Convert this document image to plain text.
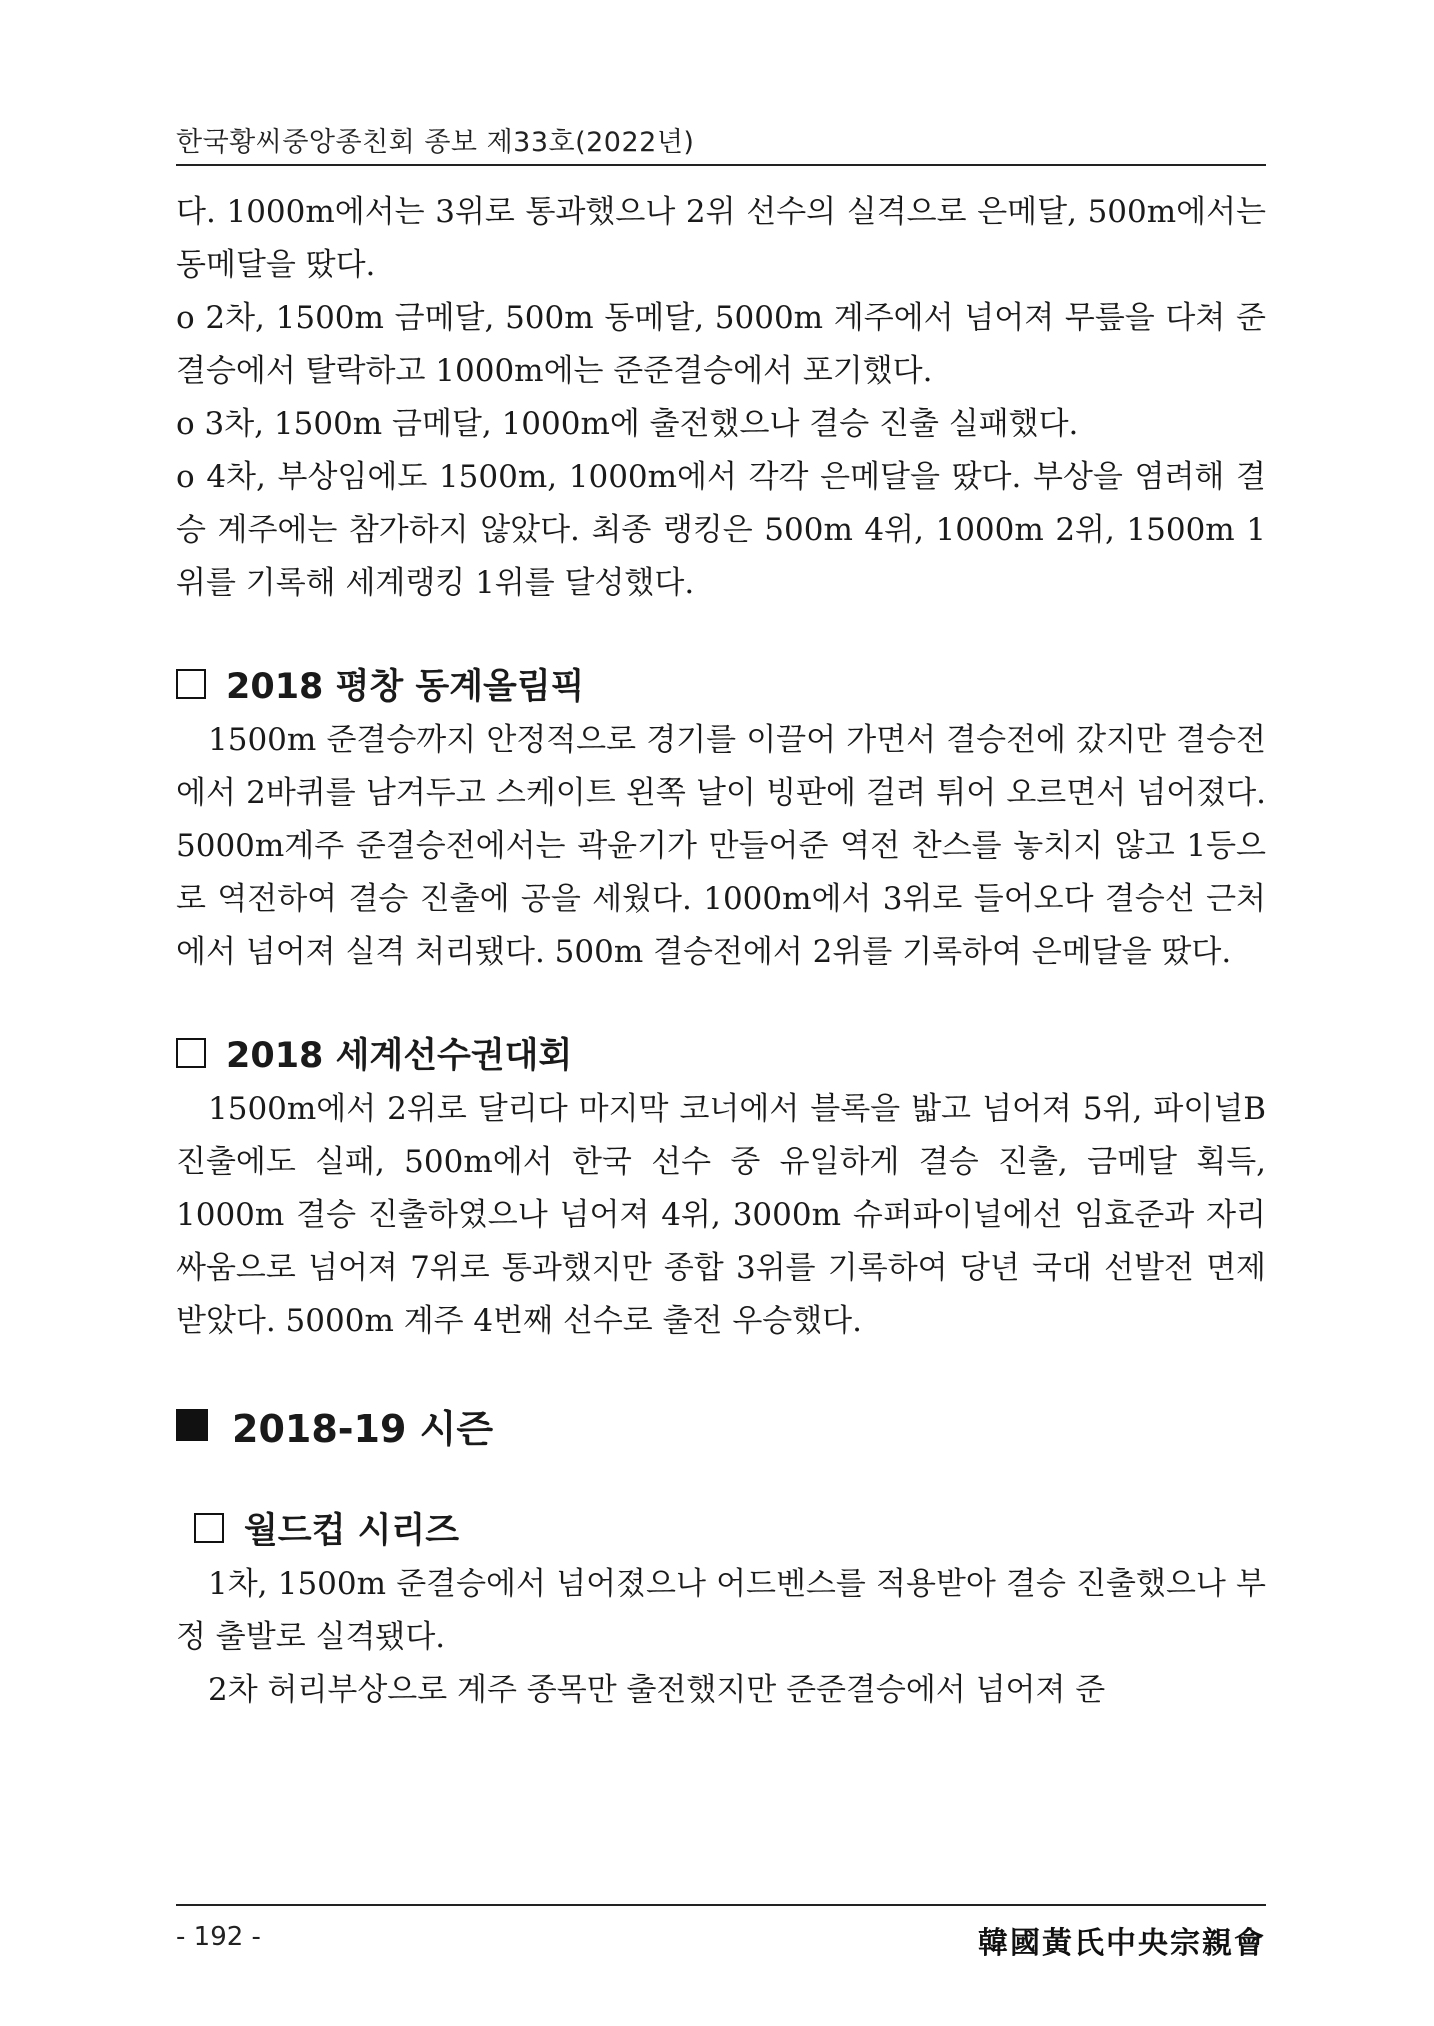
한국황씨중앙종친회 종보 제33호(2022년)

다. 1000m에서는 3위로 통과했으나 2위 선수의 실격으로 은메달, 500m에서는 동메달을 땄다.

o 2차, 1500m 금메달, 500m 동메달, 5000m 계주에서 넘어져 무릎을 다쳐 준결승에서 탈락하고 1000m에는 준준결승에서 포기했다.

o 3차, 1500m 금메달, 1000m에 출전했으나 결승 진출 실패했다.

o 4차, 부상임에도 1500m, 1000m에서 각각 은메달을 땄다. 부상을 염려해 결승 계주에는 참가하지 않았다. 최종 랭킹은 500m 4위, 1000m 2위, 1500m 1위를 기록해 세계랭킹 1위를 달성했다.

2018 평창 동계올림픽

1500m 준결승까지 안정적으로 경기를 이끌어 가면서 결승전에 갔지만 결승전에서 2바퀴를 남겨두고 스케이트 왼쪽 날이 빙판에 걸려 튀어 오르면서 넘어졌다. 5000m계주 준결승전에서는 곽윤기가 만들어준 역전 찬스를 놓치지 않고 1등으로 역전하여 결승 진출에 공을 세웠다. 1000m에서 3위로 들어오다 결승선 근처에서 넘어져 실격 처리됐다. 500m 결승전에서 2위를 기록하여 은메달을 땄다.

2018 세계선수권대회

1500m에서 2위로 달리다 마지막 코너에서 블록을 밟고 넘어져 5위, 파이널B 진출에도 실패, 500m에서 한국 선수 중 유일하게 결승 진출, 금메달 획득, 1000m 결승 진출하였으나 넘어져 4위, 3000m 슈퍼파이널에선 임효준과 자리싸움으로 넘어져 7위로 통과했지만 종합 3위를 기록하여 당년 국대 선발전 면제받았다. 5000m 계주 4번째 선수로 출전 우승했다.

2018-19 시즌
월드컵 시리즈

1차, 1500m 준결승에서 넘어졌으나 어드벤스를 적용받아 결승 진출했으나 부정 출발로 실격됐다.

2차 허리부상으로 계주 종목만 출전했지만 준준결승에서 넘어져 준

- 192 -	韓國黃氏中央宗親會
